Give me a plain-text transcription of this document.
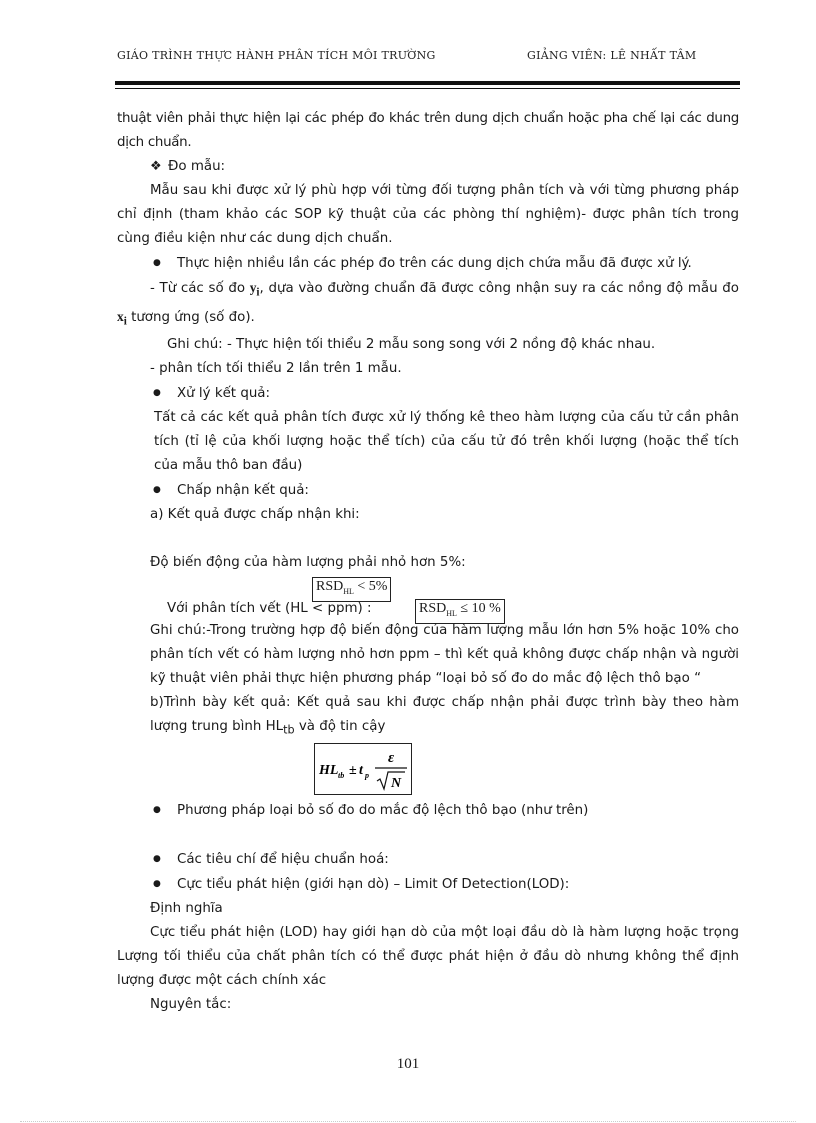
GIÁO TRÌNH THỰC HÀNH PHÂN TÍCH MÔI TRƯỜNG	GIẢNG VIÊN: LÊ NHẤT TÂM

thuật viên phải thực hiện lại các phép đo khác trên dung dịch chuẩn hoặc pha chế lại các dung dịch chuẩn.

❖ Đo mẫu:

Mẫu sau khi được xử lý phù hợp với từng đối tượng phân tích và với từng phương pháp chỉ định (tham khảo các SOP kỹ thuật của các phòng thí nghiệm)- được phân tích trong cùng điều kiện như các dung dịch chuẩn.

● Thực hiện nhiều lần các phép đo trên các dung dịch chứa mẫu đã được xử lý.

- Từ các số đo $y_i$, dựa vào đường chuẩn đã được công nhận suy ra các nồng độ mẫu đo $x_i$ tương ứng (số đo).

Ghi chú: - Thực hiện tối thiểu 2 mẫu song song với 2 nồng độ khác nhau.

- phân tích tối thiểu 2 lần trên 1 mẫu.

● Xử lý kết quả:

Tất cả các kết quả phân tích được xử lý thống kê theo hàm lượng của cấu tử cần phân tích (tỉ lệ của khối lượng hoặc thể tích) của cấu tử đó trên khối lượng (hoặc thể tích của mẫu thô ban đầu)

● Chấp nhận kết quả:

a) Kết quả được chấp nhận khi:

Độ biến động của hàm lượng phải nhỏ hơn 5%:

$RSD_{HL} < 5\%$
Với phân tích vết (HL < ppm) :	$RSD_{HL} \le 10$ %

Ghi chú:-Trong trường hợp độ biến động của hàm lượng mẫu lớn hơn 5% hoặc 10% cho phân tích vết có hàm lượng nhỏ hơn ppm – thì kết quả không được chấp nhận và người kỹ thuật viên phải thực hiện phương pháp “loại bỏ số đo do mắc độ lệch thô bạo “

b)Trình bày kết quả: Kết quả sau khi được chấp nhận phải được trình bày theo hàm lượng trung bình $HL_{tb}$ và độ tin cậy

HL tb ± t p
ε
N

● Phương pháp loại bỏ số đo do mắc độ lệch thô bạo (như trên)

● Các tiêu chí để hiệu chuẩn hoá:

● Cực tiểu phát hiện (giới hạn dò) – Limit Of Detection(LOD):

Định nghĩa

Cực tiểu phát hiện (LOD) hay giới hạn dò của một loại đầu dò là hàm lượng hoặc trọng Lượng tối thiểu của chất phân tích có thể được phát hiện ở đầu dò nhưng không thể định lượng được một cách chính xác

Nguyên tắc:

101
